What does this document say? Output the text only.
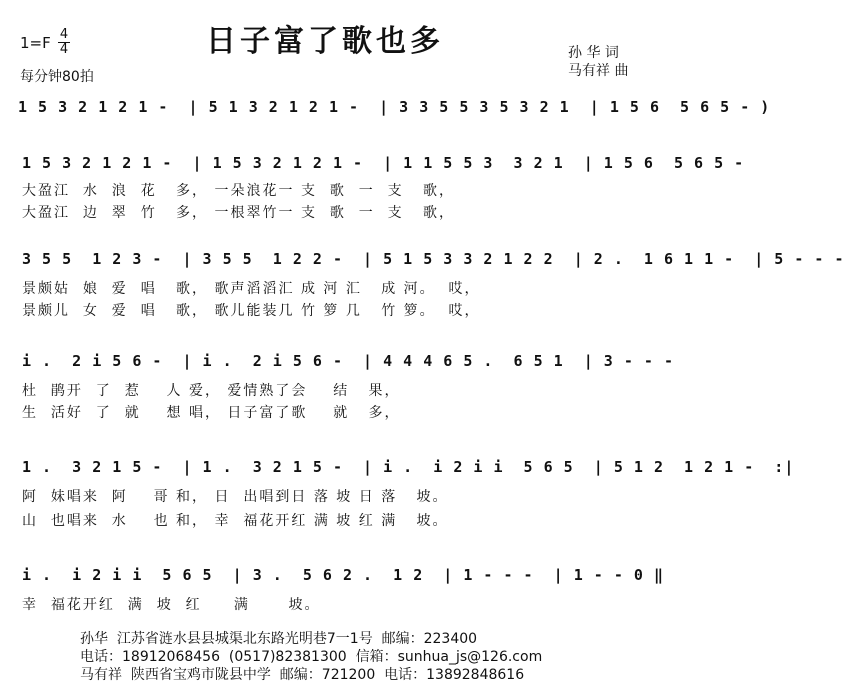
$1=F \frac{4}{4}$
每分钟80拍
日子富了歌也多	孙 华 词
马有祥 曲
1 5 3 2 1 2 1 -  | 5 1 3 2 1 2 1 -  | 3 3 5 5 3 5 3 2 1  | 1 5 6  5 6 5 - )
1 5 3 2 1 2 1 -  | 1 5 3 2 1 2 1 -  | 1 1 5 5 3  3 2 1  | 1 5 6  5 6 5 -
大盈江  水  浪  花   多， 一朵浪花一 支  歌  一  支   歌，
大盈江  边  翠  竹   多， 一根翠竹一 支  歌  一  支   歌，
3 5 5  1 2 3 -  | 3 5 5  1 2 2 -  | 5 1 5 3 3 2 1 2 2  | 2 .  1 6 1 1 -  | 5 - - -
景颇姑  娘  爱  唱   歌， 歌声滔滔汇 成 河 汇   成 河。  哎，
景颇儿  女  爱  唱   歌， 歌儿能装几 竹 箩 几   竹 箩。  哎，
i .  2 i 5 6 -  | i .  2 i 5 6 -  | 4 4 4 6 5 .  6 5 1  | 3 - - -
杜  鹃开  了  惹    人 爱， 爱情熟了会    结   果，
生  活好  了  就    想 唱， 日子富了歌    就   多，
1 .  3 2 1 5 -  | 1 .  3 2 1 5 -  | i .  i 2 i i  5 6 5  | 5 1 2  1 2 1 -  :|
阿  妹唱来  阿    哥 和， 日  出唱到日 落 坡 日 落   坡。
山  也唱来  水    也 和， 幸  福花开红 满 坡 红 满   坡。
i .  i 2 i i  5 6 5  | 3 .  5 6 2 .  1 2  | 1 - - -  | 1 - - 0 ‖
幸  福花开红  满  坡  红     满      坡。
孙华  江苏省涟水县县城渠北东路光明巷7一1号  邮编：223400
电话：18912068456  (0517)82381300  信箱：sunhua_js@126.com
马有祥  陕西省宝鸡市陇县中学  邮编：721200  电话：13892848616
